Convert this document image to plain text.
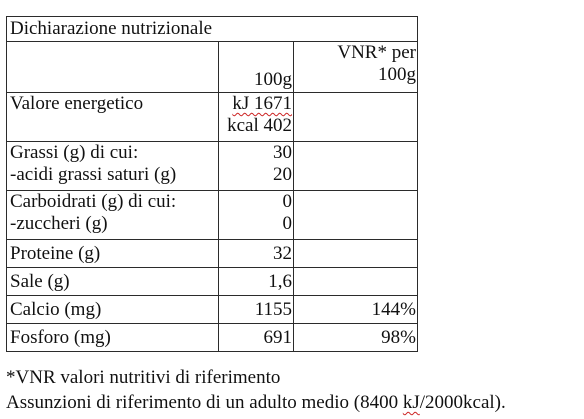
Dichiarazione nutrizionale		

	100g	VNR* per
100g

Valore energetico	kJ 1671
kcal 402	

Grassi (g) di cui:
-acidi grassi saturi (g)	30
20	

Carboidrati (g) di cui:
-zuccheri (g)	0
0	

Proteine (g)	32	
Sale (g)	1,6	
Calcio (mg)	1155	144%
Fosforo (mg)	691	98%
*VNR valori nutritivi di riferimento
Assunzioni di riferimento di un adulto medio (8400 kJ/2000kcal).
